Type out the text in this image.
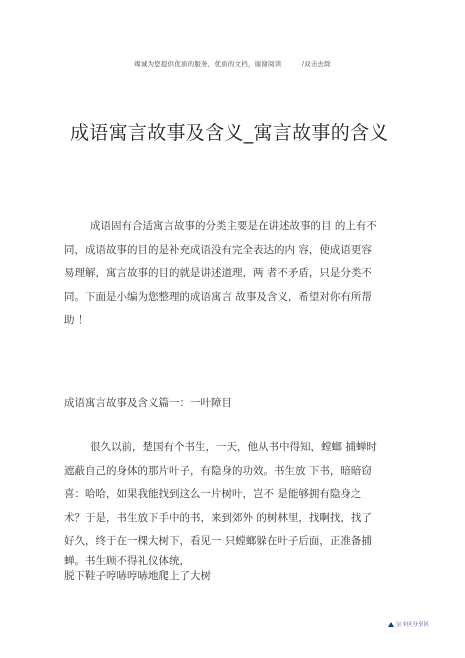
竭诚为您提供优质的服务，优质的文档，谢谢阅读	/双击去除
成语寓言故事及含义_寓言故事的含义
成语固有合适寓言故事的分类主要是在讲述故事的目 的上有不
同，成语故事的目的是补充成语没有完全表达的内 容，使成语更容
易理解，寓言故事的目的就是讲述道理，两 者不矛盾，只是分类不
同。下面是小编为您整理的成语寓言 故事及含义，希望对你有所帮
助 ！
成语寓言故事及含义篇一：一叶障目
很久以前，楚国有个书生，一天，他从书中得知，螳螂 捕蝉时
遮蔽自己的身体的那片叶子，有隐身的功效。书生放 下书，暗暗窃
喜：哈哈，如果我能找到这么一片树叶，岂不 是能够拥有隐身之
术？于是，书生放下手中的书，来到郊外 的树林里，找啊找，找了
好久，终于在一棵大树下，看见一 只螳螂躲在叶子后面，正准备捕
蝉。书生顾不得礼仪体统，
脱下鞋子哼哧哼哧地爬上了大树
宝卡区分享区
